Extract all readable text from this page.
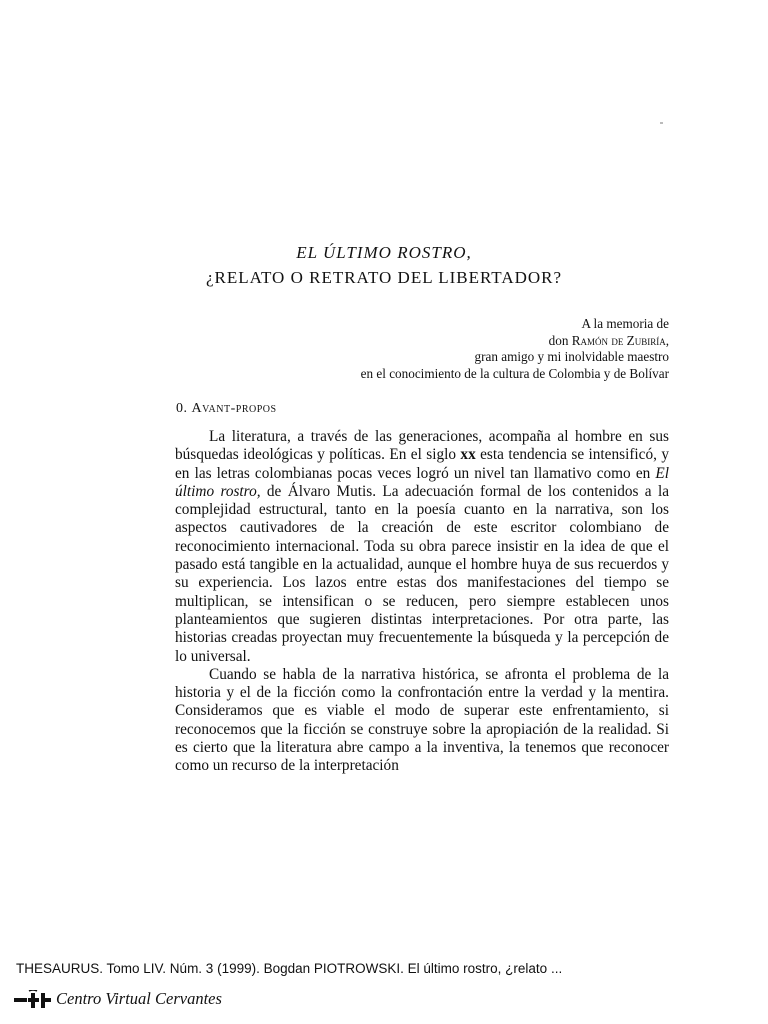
EL ÚLTIMO ROSTRO,
¿RELATO O RETRATO DEL LIBERTADOR?
A la memoria de
don Ramón de Zubiría,
gran amigo y mi inolvidable maestro
en el conocimiento de la cultura de Colombia y de Bolívar
0. Avant-propos

La literatura, a través de las generaciones, acompaña al hombre en sus búsquedas ideológicas y políticas. En el siglo xx esta tendencia se intensificó, y en las letras colombianas pocas veces logró un nivel tan llamativo como en El último rostro, de Álvaro Mutis. La adecuación formal de los contenidos a la complejidad estructural, tanto en la poesía cuanto en la narrativa, son los aspectos cautivadores de la creación de este escritor colombiano de reconocimiento internacional. Toda su obra parece insistir en la idea de que el pasado está tangible en la actualidad, aunque el hombre huya de sus recuerdos y su experiencia. Los lazos entre estas dos manifestaciones del tiempo se multiplican, se intensifican o se reducen, pero siempre establecen unos planteamientos que sugieren distintas interpretaciones. Por otra parte, las historias creadas proyectan muy frecuentemente la búsqueda y la percepción de lo universal.

Cuando se habla de la narrativa histórica, se afronta el problema de la historia y el de la ficción como la confrontación entre la verdad y la mentira. Consideramos que es viable el modo de superar este enfrentamiento, si reconocemos que la ficción se construye sobre la apropiación de la realidad. Si es cierto que la literatura abre campo a la inventiva, la tenemos que reconocer como un recurso de la interpretación

THESAURUS. Tomo LIV. Núm. 3 (1999). Bogdan PIOTROWSKI. El último rostro, ¿relato ...
Centro Virtual Cervantes
